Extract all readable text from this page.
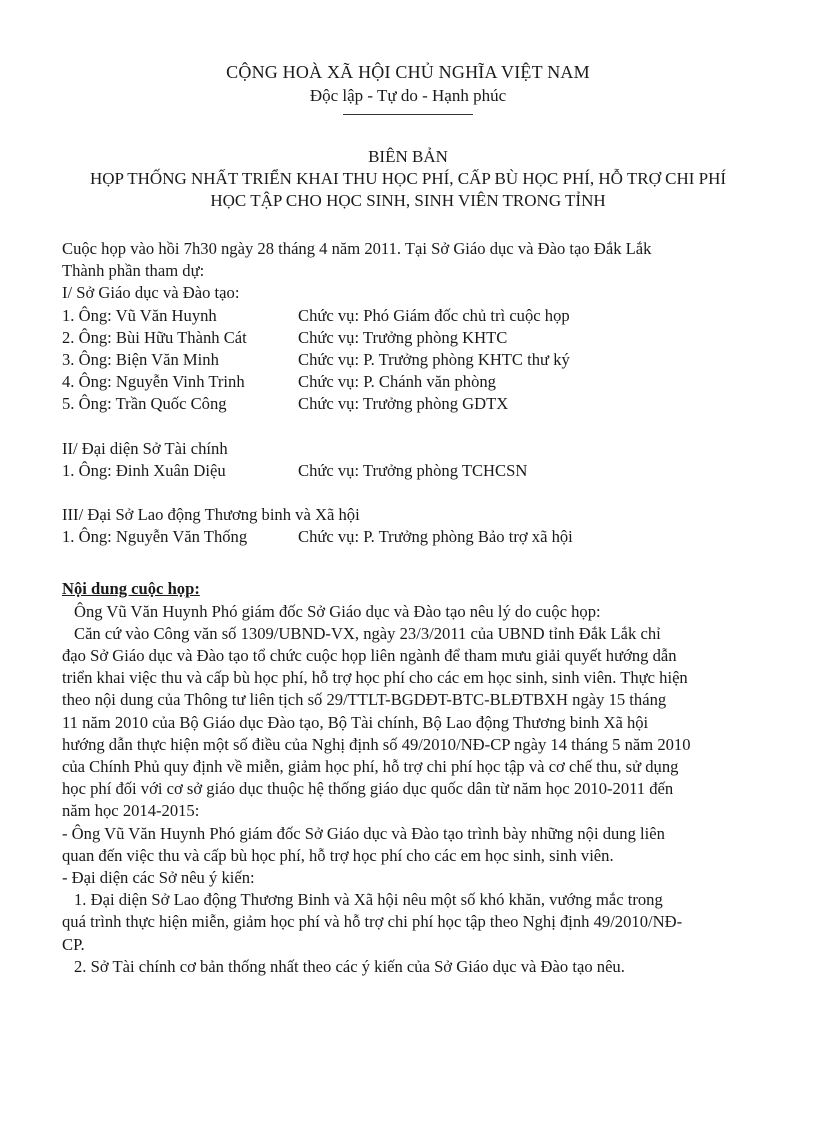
CỘNG HOÀ XÃ HỘI CHỦ NGHĨA VIỆT NAM
Độc lập - Tự do - Hạnh phúc
BIÊN BẢN
HỌP THỐNG NHẤT TRIỂN KHAI THU HỌC PHÍ, CẤP BÙ HỌC PHÍ, HỖ TRỢ CHI PHÍ
HỌC TẬP CHO HỌC SINH, SINH VIÊN TRONG TỈNH
Cuộc họp vào hồi 7h30 ngày 28 tháng 4 năm 2011. Tại Sở Giáo dục và Đào tạo Đắk Lắk
Thành phần tham dự:
I/ Sở Giáo dục và Đào tạo:
1. Ông: Vũ Văn Huynh	Chức vụ: Phó Giám đốc chủ trì cuộc họp
2. Ông: Bùi Hữu Thành Cát	Chức vụ: Trưởng phòng KHTC
3. Ông: Biện Văn Minh	Chức vụ: P. Trưởng phòng KHTC thư ký
4. Ông: Nguyễn Vinh Trinh	Chức vụ: P. Chánh văn phòng
5. Ông: Trần Quốc Công	Chức vụ: Trưởng phòng GDTX
II/ Đại diện Sở Tài chính
1. Ông: Đinh Xuân Diệu	Chức vụ: Trưởng phòng TCHCSN
III/ Đại Sở Lao động Thương binh và Xã hội
1. Ông: Nguyễn Văn Thống	Chức vụ: P. Trưởng phòng Bảo trợ xã hội
Nội dung cuộc họp:
Ông Vũ Văn Huynh Phó giám đốc Sở Giáo dục và Đào tạo nêu lý do cuộc họp:
Căn cứ vào Công văn số 1309/UBND-VX, ngày 23/3/2011 của UBND tỉnh Đắk Lắk chỉ
đạo Sở Giáo dục và Đào tạo tổ chức cuộc họp liên ngành để tham mưu giải quyết hướng dẫn
triển khai việc thu và cấp bù học phí, hỗ trợ học phí cho các em học sinh, sinh viên. Thực hiện
theo nội dung của Thông tư liên tịch số 29/TTLT-BGDĐT-BTC-BLĐTBXH ngày 15 tháng
11 năm 2010 của Bộ Giáo dục Đào tạo, Bộ Tài chính, Bộ Lao động Thương binh Xã hội
hướng dẫn thực hiện một số điều của Nghị định số 49/2010/NĐ-CP ngày 14 tháng 5 năm 2010
của Chính Phủ quy định về miễn, giảm học phí, hỗ trợ chi phí học tập và cơ chế thu, sử dụng
học phí đối với cơ sở giáo dục thuộc hệ thống giáo dục quốc dân từ năm học 2010-2011 đến
năm học 2014-2015:
- Ông Vũ Văn Huynh Phó giám đốc Sở Giáo dục và Đào tạo trình bày những nội dung liên
quan đến việc thu và cấp bù học phí, hỗ trợ học phí cho các em học sinh, sinh viên.
- Đại diện các Sở nêu ý kiến:
1. Đại diện Sở Lao động Thương Binh và Xã hội nêu một số khó khăn, vướng mắc trong
quá trình thực hiện miễn, giảm học phí và hỗ trợ chi phí học tập theo Nghị định 49/2010/NĐ-
CP.
2. Sở Tài chính cơ bản thống nhất theo các ý kiến của Sở Giáo dục và Đào tạo nêu.
